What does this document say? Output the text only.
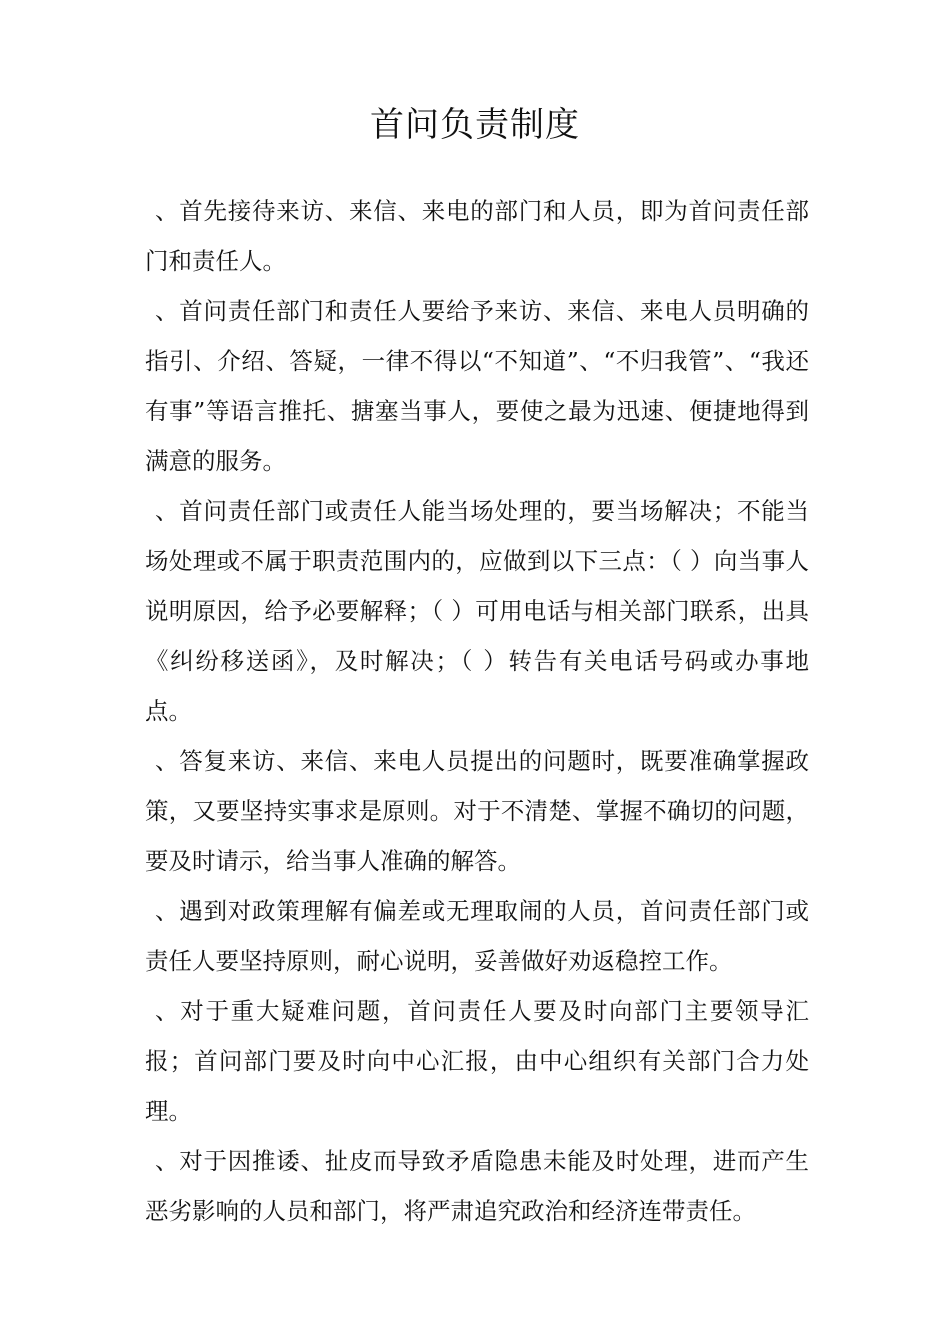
首问负责制度

、首先接待来访、来信、来电的部门和人员，即为首问责任部门和责任人。

、首问责任部门和责任人要给予来访、来信、来电人员明确的指引、介绍、答疑，一律不得以“不知道”、“不归我管”、“我还有事”等语言推托、搪塞当事人，要使之最为迅速、便捷地得到满意的服务。

、首问责任部门或责任人能当场处理的，要当场解决；不能当场处理或不属于职责范围内的，应做到以下三点：（ ）向当事人说明原因，给予必要解释；（ ）可用电话与相关部门联系，出具《纠纷移送函》，及时解决；（ ）转告有关电话号码或办事地点。

、答复来访、来信、来电人员提出的问题时，既要准确掌握政策，又要坚持实事求是原则。对于不清楚、掌握不确切的问题，要及时请示，给当事人准确的解答。

、遇到对政策理解有偏差或无理取闹的人员，首问责任部门或责任人要坚持原则，耐心说明，妥善做好劝返稳控工作。

、对于重大疑难问题，首问责任人要及时向部门主要领导汇报；首问部门要及时向中心汇报，由中心组织有关部门合力处理。

、对于因推诿、扯皮而导致矛盾隐患未能及时处理，进而产生恶劣影响的人员和部门，将严肃追究政治和经济连带责任。
